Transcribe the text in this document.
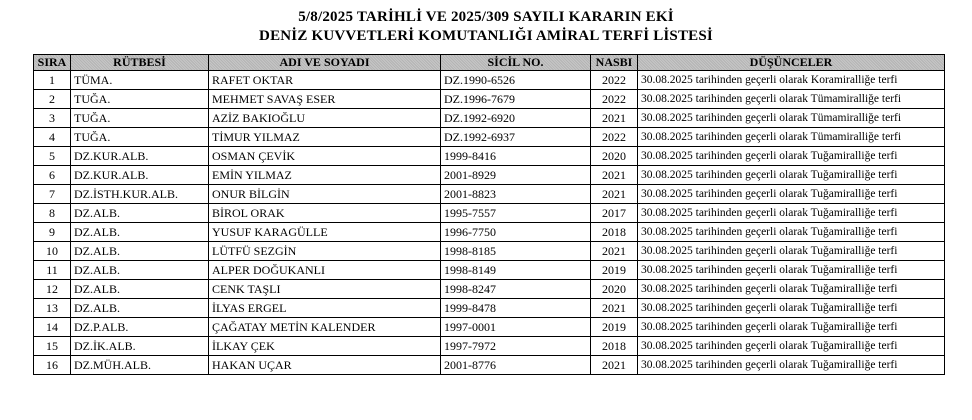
5/8/2025 TARİHLİ VE 2025/309 SAYILI KARARIN EKİ
DENİZ KUVVETLERİ KOMUTANLIĞI AMİRAL TERFİ LİSTESİ
SIRA	RÜTBESİ	ADI VE SOYADI	SİCİL NO.	NASBI	DÜŞÜNCELER
1	TÜMA.	RAFET OKTAR	DZ.1990-6526	2022	30.08.2025 tarihinden geçerli olarak Koramiralliğe terfi
2	TUĞA.	MEHMET SAVAŞ ESER	DZ.1996-7679	2022	30.08.2025 tarihinden geçerli olarak Tümamiralliğe terfi
3	TUĞA.	AZİZ BAKIOĞLU	DZ.1992-6920	2021	30.08.2025 tarihinden geçerli olarak Tümamiralliğe terfi
4	TUĞA.	TİMUR YILMAZ	DZ.1992-6937	2022	30.08.2025 tarihinden geçerli olarak Tümamiralliğe terfi
5	DZ.KUR.ALB.	OSMAN ÇEVİK	1999-8416	2020	30.08.2025 tarihinden geçerli olarak Tuğamiralliğe terfi
6	DZ.KUR.ALB.	EMİN YILMAZ	2001-8929	2021	30.08.2025 tarihinden geçerli olarak Tuğamiralliğe terfi
7	DZ.İSTH.KUR.ALB.	ONUR BİLGİN	2001-8823	2021	30.08.2025 tarihinden geçerli olarak Tuğamiralliğe terfi
8	DZ.ALB.	BİROL ORAK	1995-7557	2017	30.08.2025 tarihinden geçerli olarak Tuğamiralliğe terfi
9	DZ.ALB.	YUSUF KARAGÜLLE	1996-7750	2018	30.08.2025 tarihinden geçerli olarak Tuğamiralliğe terfi
10	DZ.ALB.	LÜTFÜ SEZGİN	1998-8185	2021	30.08.2025 tarihinden geçerli olarak Tuğamiralliğe terfi
11	DZ.ALB.	ALPER DOĞUKANLI	1998-8149	2019	30.08.2025 tarihinden geçerli olarak Tuğamiralliğe terfi
12	DZ.ALB.	CENK TAŞLI	1998-8247	2020	30.08.2025 tarihinden geçerli olarak Tuğamiralliğe terfi
13	DZ.ALB.	İLYAS ERGEL	1999-8478	2021	30.08.2025 tarihinden geçerli olarak Tuğamiralliğe terfi
14	DZ.P.ALB.	ÇAĞATAY METİN KALENDER	1997-0001	2019	30.08.2025 tarihinden geçerli olarak Tuğamiralliğe terfi
15	DZ.İK.ALB.	İLKAY ÇEK	1997-7972	2018	30.08.2025 tarihinden geçerli olarak Tuğamiralliğe terfi
16	DZ.MÜH.ALB.	HAKAN UÇAR	2001-8776	2021	30.08.2025 tarihinden geçerli olarak Tuğamiralliğe terfi
